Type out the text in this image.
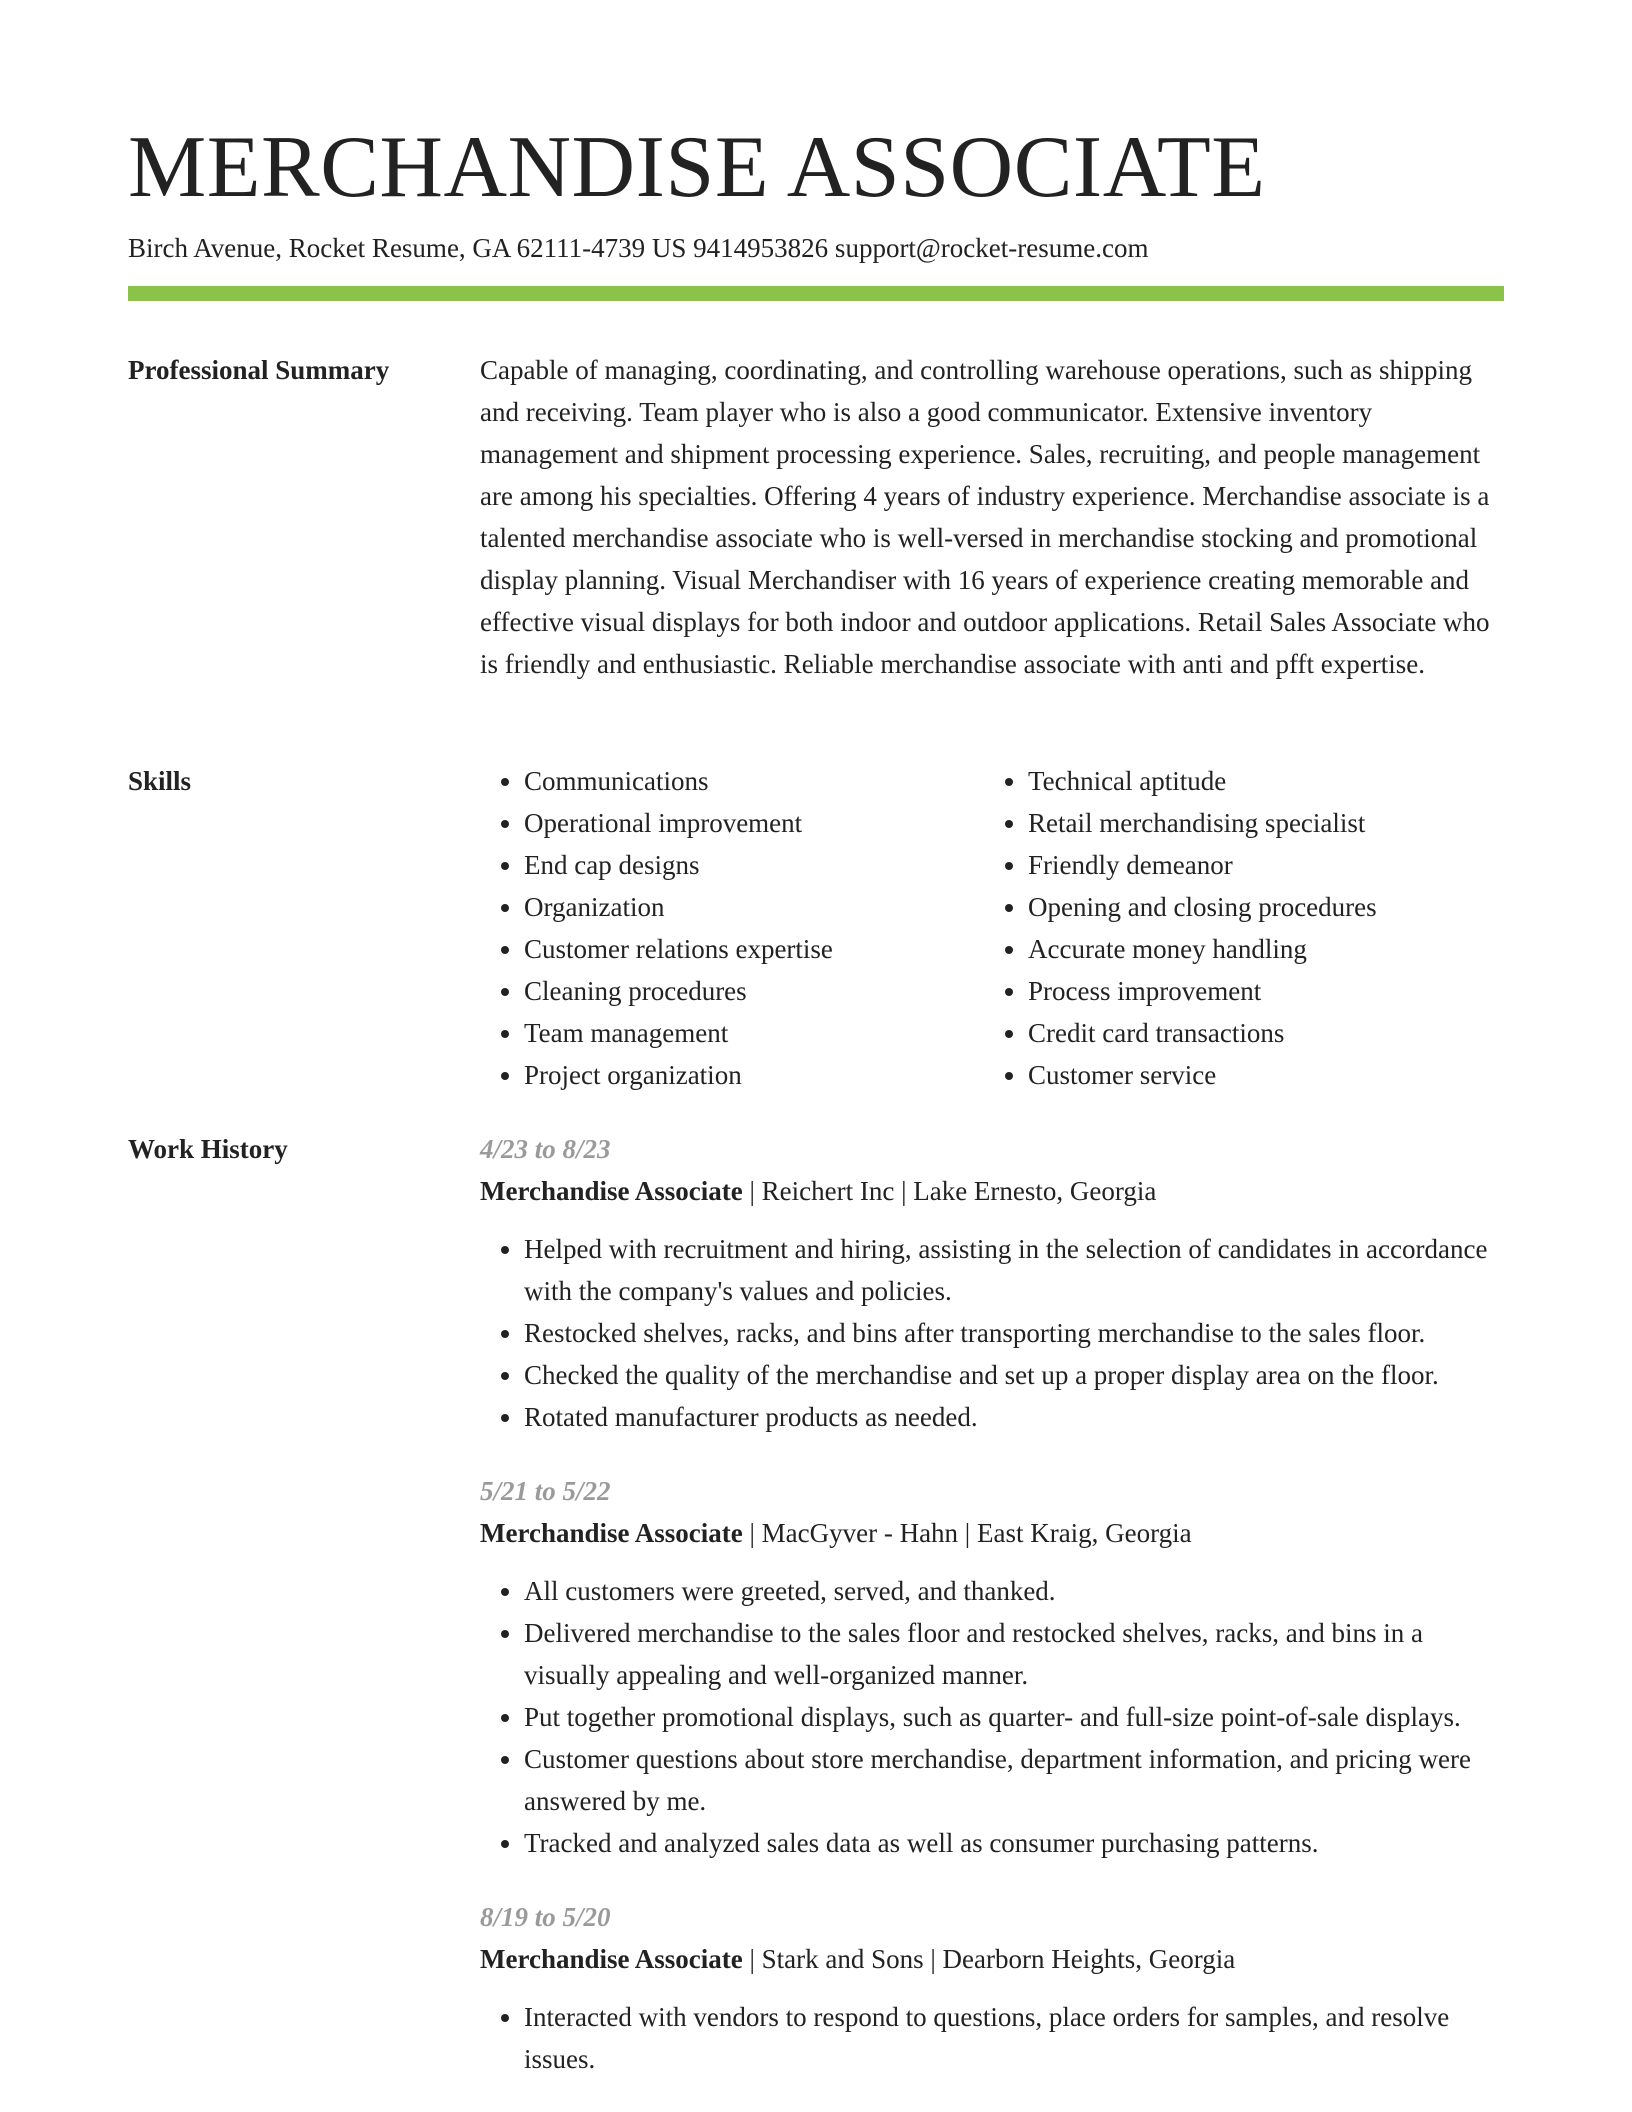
MERCHANDISE ASSOCIATE
Birch Avenue, Rocket Resume, GA 62111-4739 US 9414953826 support@rocket-resume.com
Professional Summary	Capable of managing, coordinating, and controlling warehouse operations, such as shipping and receiving. Team player who is also a good communicator. Extensive inventory management and shipment processing experience. Sales, recruiting, and people management are among his specialties. Offering 4 years of industry experience. Merchandise associate is a talented merchandise associate who is well-versed in merchandise stocking and promotional display planning. Visual Merchandiser with 16 years of experience creating memorable and effective visual displays for both indoor and outdoor applications. Retail Sales Associate who is friendly and enthusiastic. Reliable merchandise associate with anti and pfft expertise.

Skills
•	Communications
• Operational improvement
• End cap designs
• Organization
• Customer relations expertise
• Cleaning procedures
• Team management
• Project organization
• Technical aptitude
• Retail merchandising specialist
• Friendly demeanor
• Opening and closing procedures
• Accurate money handling
• Process improvement
• Credit card transactions
• Customer service
Work History	4/23 to 8/23
Merchandise Associate | Reichert Inc | Lake Ernesto, Georgia
• Helped with recruitment and hiring, assisting in the selection of candidates in accordance with the company's values and policies.
• Restocked shelves, racks, and bins after transporting merchandise to the sales floor.
• Checked the quality of the merchandise and set up a proper display area on the floor.
• Rotated manufacturer products as needed.
5/21 to 5/22
Merchandise Associate | MacGyver - Hahn | East Kraig, Georgia
• All customers were greeted, served, and thanked.
• Delivered merchandise to the sales floor and restocked shelves, racks, and bins in a visually appealing and well-organized manner.
• Put together promotional displays, such as quarter- and full-size point-of-sale displays.
• Customer questions about store merchandise, department information, and pricing were answered by me.
• Tracked and analyzed sales data as well as consumer purchasing patterns.
8/19 to 5/20
Merchandise Associate | Stark and Sons | Dearborn Heights, Georgia
• Interacted with vendors to respond to questions, place orders for samples, and resolve issues.
